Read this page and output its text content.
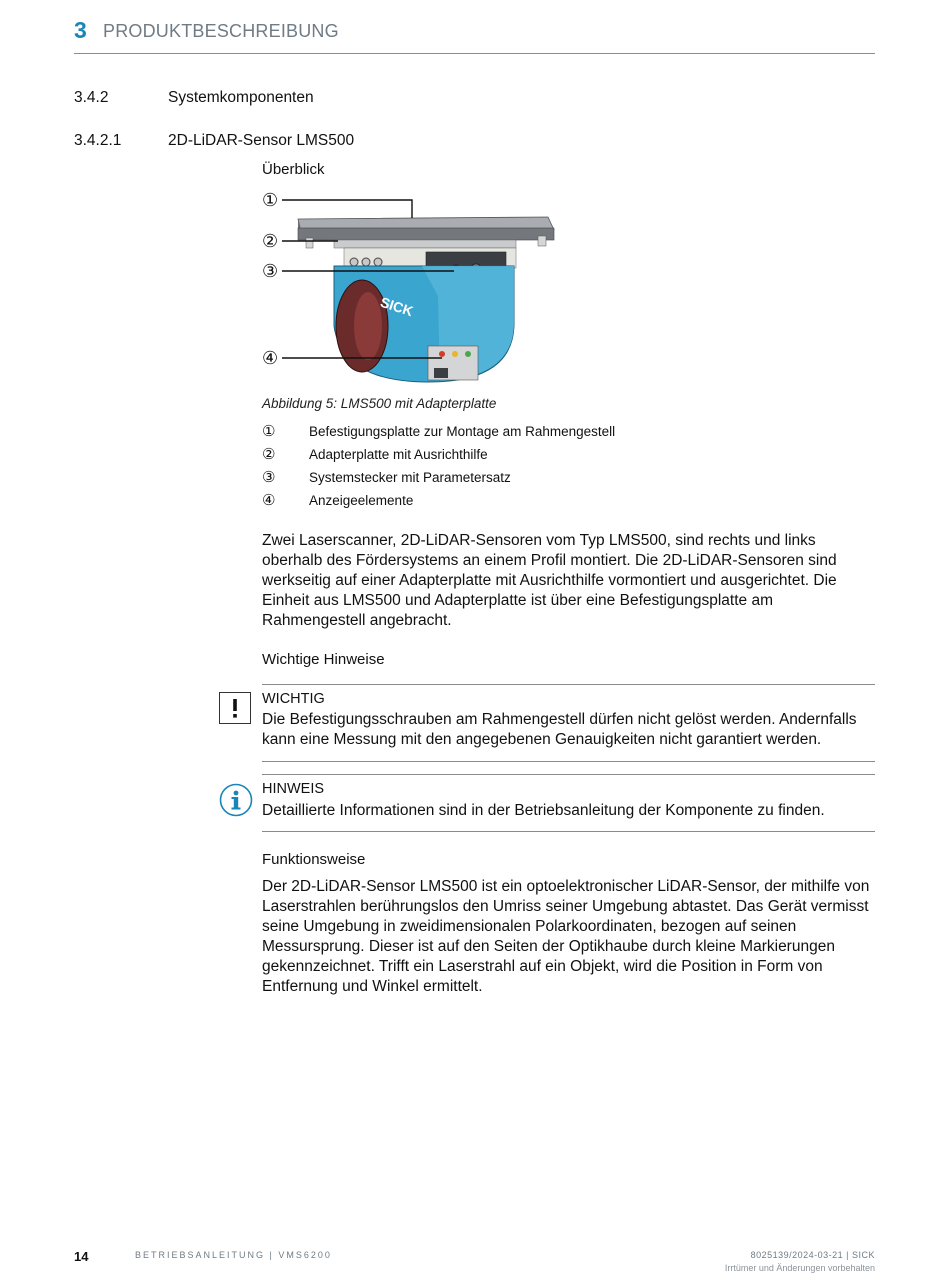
3 PRODUKTBESCHREIBUNG
3.4.2	Systemkomponenten
3.4.2.1	2D-LiDAR-Sensor LMS500
Überblick
SICK
①
②
③
④
Abbildung 5: LMS500 mit Adapterplatte
① Befestigungsplatte zur Montage am Rahmengestell
② Adapterplatte mit Ausrichthilfe
③ Systemstecker mit Parametersatz
④ Anzeigeelemente
Zwei Laserscanner, 2D-LiDAR-Sensoren vom Typ LMS500, sind rechts und links oberhalb des Fördersystems an einem Profil montiert. Die 2D-LiDAR-Sensoren sind werkseitig auf einer Adapterplatte mit Ausrichthilfe vormontiert und ausgerichtet. Die Einheit aus LMS500 und Adapterplatte ist über eine Befestigungsplatte am Rahmengestell angebracht.
Wichtige Hinweise
WICHTIG
Die Befestigungsschrauben am Rahmengestell dürfen nicht gelöst werden. Andernfalls kann eine Messung mit den angegebenen Genauigkeiten nicht garantiert werden.
HINWEIS
Detaillierte Informationen sind in der Betriebsanleitung der Komponente zu finden.
Funktionsweise
Der 2D-LiDAR-Sensor LMS500 ist ein optoelektronischer LiDAR-Sensor, der mithilfe von Laserstrahlen berührungslos den Umriss seiner Umgebung abtastet. Das Gerät vermisst seine Umgebung in zweidimensionalen Polarkoordinaten, bezogen auf seinen Messursprung. Dieser ist auf den Seiten der Optikhaube durch kleine Markierungen gekennzeichnet. Trifft ein Laserstrahl auf ein Objekt, wird die Position in Form von Entfernung und Winkel ermittelt.
14	BETRIEBSANLEITUNG | VMS6200	8025139/2024-03-21 | SICK
Irrtümer und Änderungen vorbehalten
